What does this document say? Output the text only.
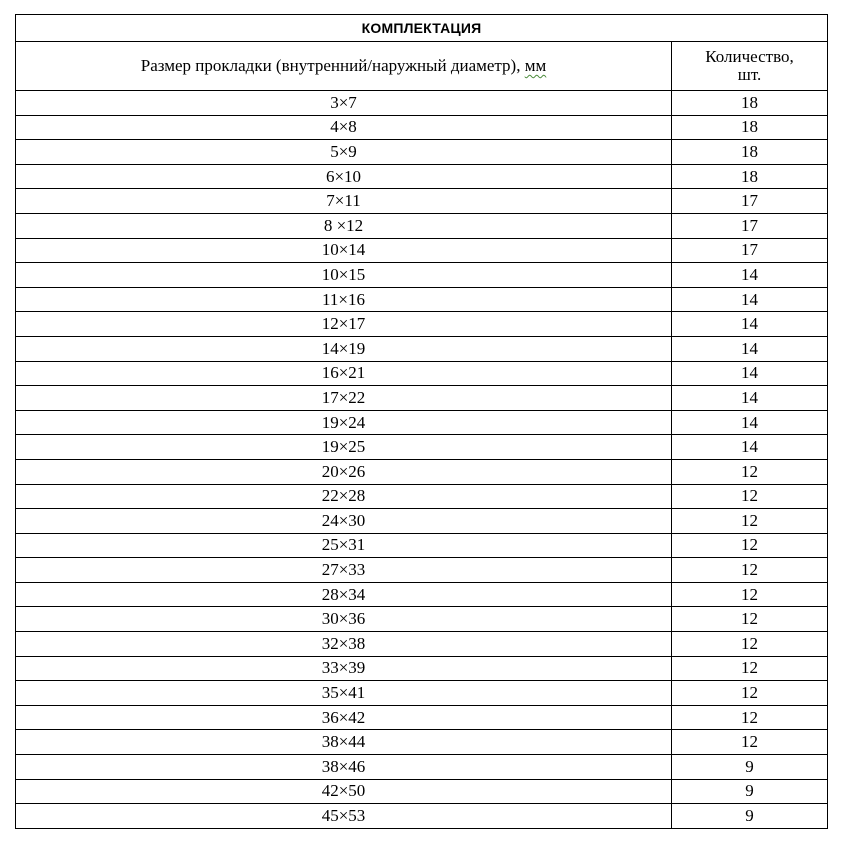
КОМПЛЕКТАЦИЯ	
Размер прокладки (внутренний/наружный диаметр), мм	Количество,
шт.
3×7	18
4×8	18
5×9	18
6×10	18
7×11	17
8 ×12	17
10×14	17
10×15	14
11×16	14
12×17	14
14×19	14
16×21	14
17×22	14
19×24	14
19×25	14
20×26	12
22×28	12
24×30	12
25×31	12
27×33	12
28×34	12
30×36	12
32×38	12
33×39	12
35×41	12
36×42	12
38×44	12
38×46	9
42×50	9
45×53	9
